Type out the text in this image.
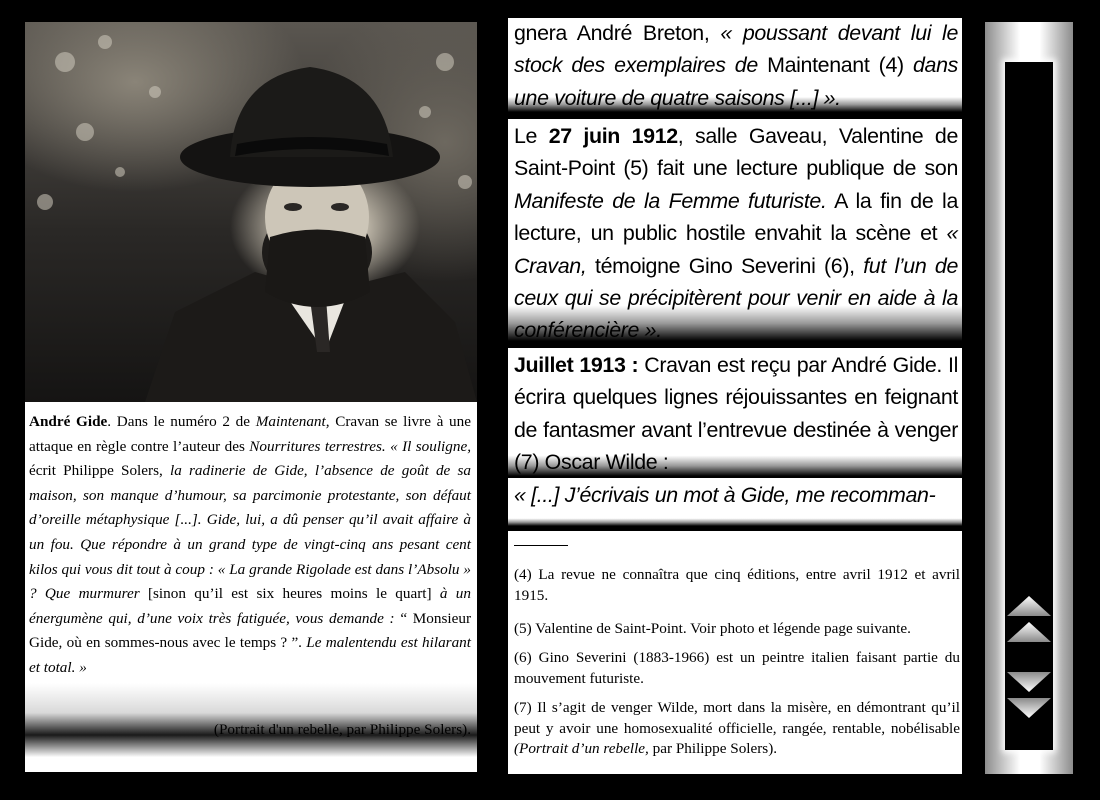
André Gide. Dans le numéro 2 de Maintenant, Cravan se livre à une attaque en règle contre l’auteur des Nourritures terrestres. « Il souligne, écrit Philippe Solers, la radinerie de Gide, l’absence de goût de sa maison, son manque d’humour, sa parcimonie protestante, son défaut d’oreille métaphysique [...]. Gide, lui, a dû penser qu’il avait affaire à un fou. Que répondre à un grand type de vingt-cinq ans pesant cent kilos qui vous dit tout à coup : « La grande Rigolade est dans l’Absolu » ? Que murmurer [sinon qu’il est six heures moins le quart] à un énergumène qui, d’une voix très fatiguée, vous demande : “ Monsieur Gide, où en sommes-nous avec le temps ? ”. Le malentendu est hilarant et total. »

(Portrait d'un rebelle, par Philippe Solers).

gnera André Breton, « poussant devant lui le stock des exemplaires de Maintenant (4) dans une voiture de quatre saisons [...] ».

Le 27 juin 1912, salle Gaveau, Valentine de Saint-Point (5) fait une lecture publique de son Manifeste de la Femme futuriste. A la fin de la lecture, un public hostile envahit la scène et « Cravan, témoigne Gino Severini (6), fut l’un de ceux qui se précipitèrent pour venir en aide à la conférencière ».

Juillet 1913 : Cravan est reçu par André Gide. Il écrira quelques lignes réjouissantes en feignant de fantasmer avant l’entrevue destinée à venger (7) Oscar Wilde :

« [...] J’écrivais un mot à Gide, me recomman-

(4) La revue ne connaîtra que cinq éditions, entre avril 1912 et avril 1915.

(5) Valentine de Saint-Point. Voir photo et légende page suivante.

(6) Gino Severini (1883-1966) est un peintre italien faisant partie du mouvement futuriste.

(7) Il s’agit de venger Wilde, mort dans la misère, en démontrant qu’il peut y avoir une homosexualité officielle, rangée, rentable, nobélisable (Portrait d’un rebelle, par Philippe Solers).
